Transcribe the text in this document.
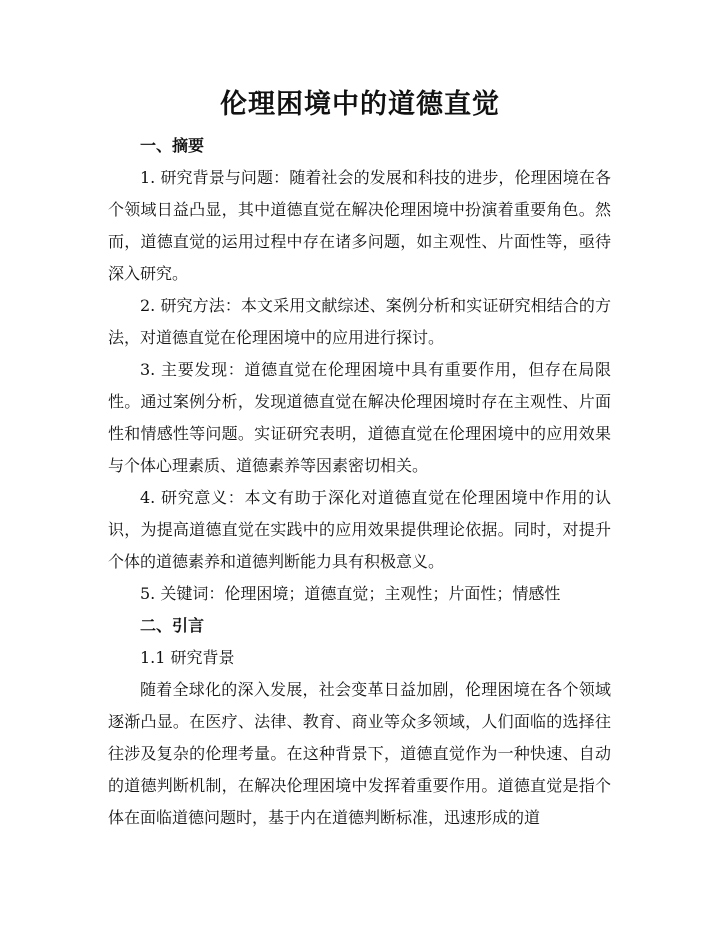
伦理困境中的道德直觉

一、摘要

1. 研究背景与问题：随着社会的发展和科技的进步，伦理困境在各个领域日益凸显，其中道德直觉在解决伦理困境中扮演着重要角色。然而，道德直觉的运用过程中存在诸多问题，如主观性、片面性等，亟待深入研究。

2. 研究方法：本文采用文献综述、案例分析和实证研究相结合的方法，对道德直觉在伦理困境中的应用进行探讨。

3. 主要发现：道德直觉在伦理困境中具有重要作用，但存在局限性。通过案例分析，发现道德直觉在解决伦理困境时存在主观性、片面性和情感性等问题。实证研究表明，道德直觉在伦理困境中的应用效果与个体心理素质、道德素养等因素密切相关。

4. 研究意义：本文有助于深化对道德直觉在伦理困境中作用的认识，为提高道德直觉在实践中的应用效果提供理论依据。同时，对提升个体的道德素养和道德判断能力具有积极意义。

5. 关键词：伦理困境；道德直觉；主观性；片面性；情感性

二、引言

1.1 研究背景

随着全球化的深入发展，社会变革日益加剧，伦理困境在各个领域逐渐凸显。在医疗、法律、教育、商业等众多领域，人们面临的选择往往涉及复杂的伦理考量。在这种背景下，道德直觉作为一种快速、自动的道德判断机制，在解决伦理困境中发挥着重要作用。道德直觉是指个体在面临道德问题时，基于内在道德判断标准，迅速形成的道
